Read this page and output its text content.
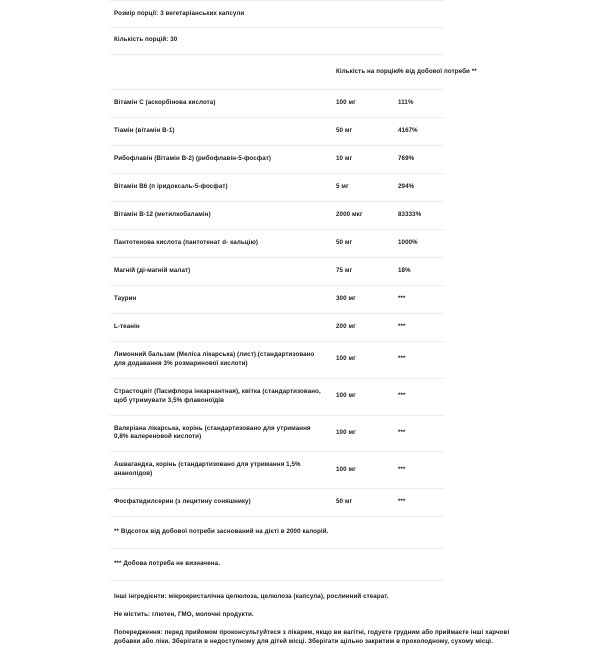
Розмір порції: 3 вегетаріанських капсули
Кількість порцій: 30
	Кількість на порцію	% від добової потреби **
Вітамін C (аскорбінова кислота)	100 мг	111%
Тіамін (вітамін B-1)	50 мг	4167%
Рибофлавін (Вітамін B-2) (рибофлавін-5-фосфат)	10 мг	769%
Вітамін B6 (п іридоксаль-5-фосфат)	5 мг	294%
Вітамін B-12 (метилкобаламін)	2000 мкг	83333%
Пантотенова кислота (пантотенат d- кальцію)	50 мг	1000%
Магній (ді-магній малат)	75 мг	18%
Таурин	300 мг	***
L-теанін	200 мг	***
Лимонний бальзам (Меліса лікарська) (лист) (стандартизовано для додавання 3% розмаринової кислоти)	100 мг	***
Страстоцвіт (Пасифлора інкарнантная), квітка (стандартизовано, щоб утримувати 3,5% флавоноїдів	100 мг	***
Валеріана лікарська, корінь (стандартизовано для утримання 0,8% валереновой кислоти)	100 мг	***
Ашвагандха, корінь (стандартизовано для утримання 1,5% ананолідов)	100 мг	***
Фосфатидилсерин (з лецитину соняшнику)	50 мг	***
** Відсоток від добової потреби заснований на дієті в 2000 калорій.
*** Добова потреба не визначена.
Інші інгредієнти: мікрокристалічна целюлоза, целюлоза (капсула), рослинний стеарат.
Не містить: глютен, ГМО, молочні продукти.
Попередження: перед прийомом проконсультуйтеся з лікарем, якщо ви вагітні, годуєте грудним або приймаєте інші харчові добавки або ліки. Зберігати в недоступному для дітей місці. Зберігати щільно закритим в прохолодному, сухому місці.
